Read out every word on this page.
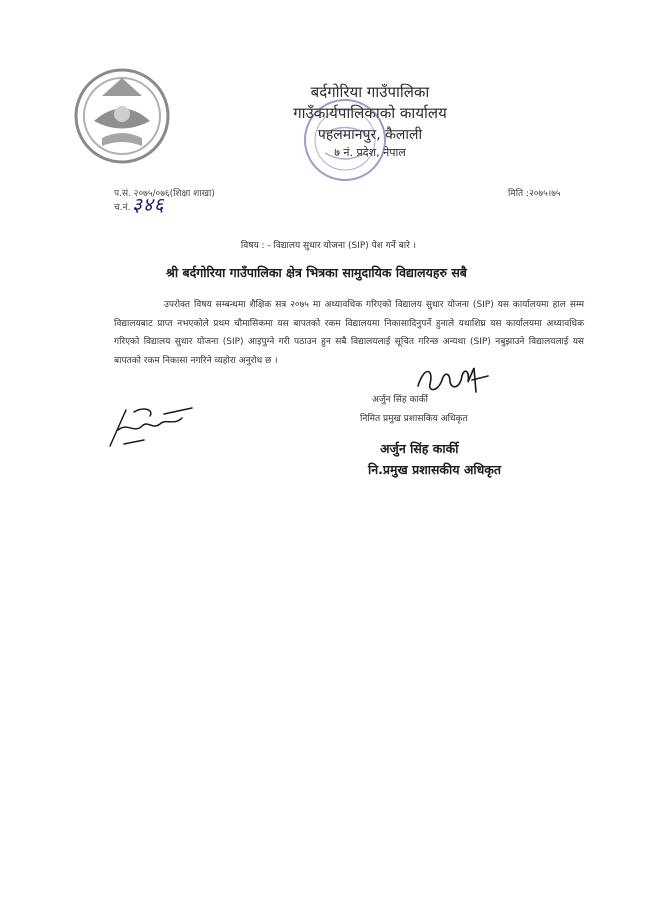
बर्दगोरिया गाउँपालिका
गाउँकार्यपालिकाको कार्यालय
पहलमानपुर, कैलाली
७ नं. प्रदेश, नेपाल
प.सं. २०७५/०७६(शिक्षा शाखा)
च.नं. ३४६	मिति :२०७५।७५
विषय : - विद्यालय सुधार योजना (SIP) पेश गर्ने बारे ।
श्री बर्दगोरिया गाउँपालिका क्षेत्र भित्रका सामुदायिक विद्यालयहरु सबै
उपरोक्त विषय सम्बन्धमा शैक्षिक सत्र २०७५ मा अध्यावधिक गरिएको विद्यालय सुधार योजना (SIP) यस कार्यालयमा हाल सम्म विद्यालयबाट प्राप्त नभएकोले प्रथम चौमासिकमा यस बापतको रकम विद्यालयमा निकासादिनुपर्ने हुनाले यथाशिघ्र यस कार्यालयमा अध्यावधिक गरिएको विद्यालय सुधार योजना (SIP) आइपुग्ने गरी पठाउन हुन सबै विद्यालयलाई सूचित गरिन्छ अन्यथा (SIP) नबुझाउने विद्यालयलाई यस बापतको रकम निकासा नगरिने व्यहोरा अनुरोध छ ।
अर्जुन सिंह कार्की
निमित प्रमुख प्रशासकिय अधिकृत
अर्जुन सिंह कार्की
नि.प्रमुख प्रशासकीय अधिकृत
